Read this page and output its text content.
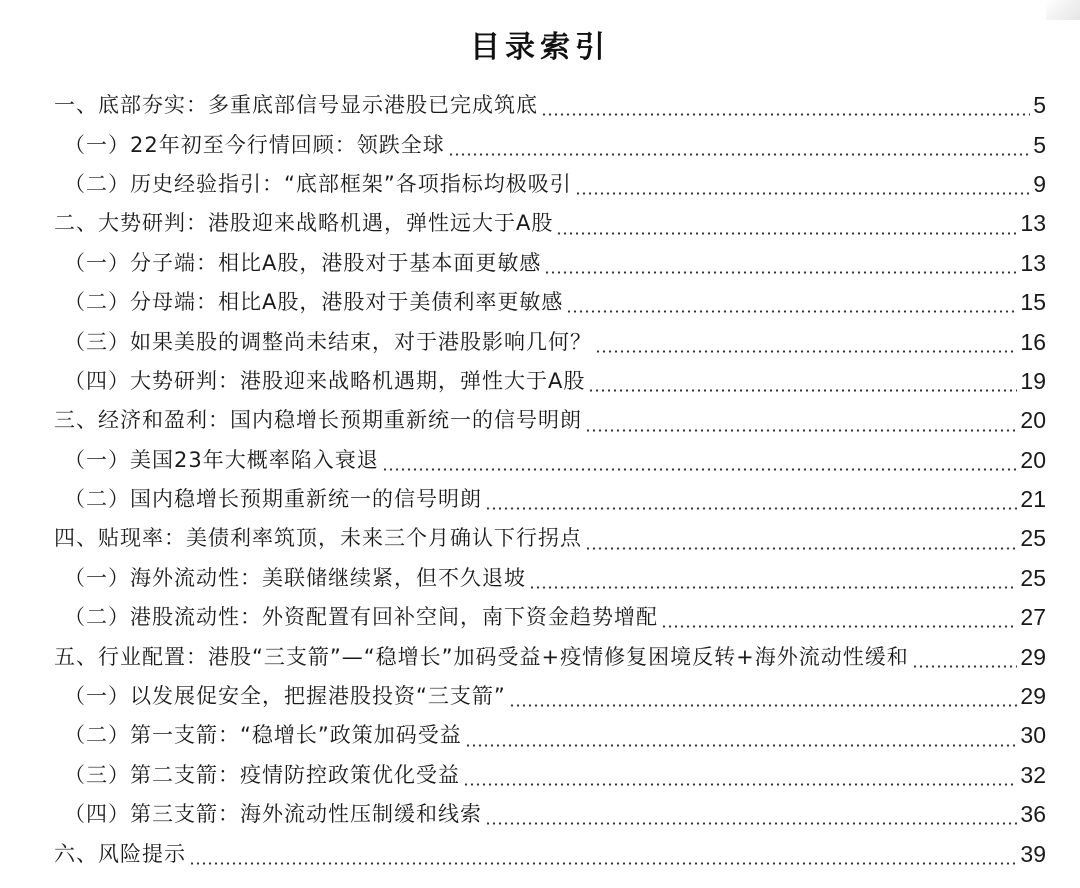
目录索引
一、底部夯实：多重底部信号显示港股已完成筑底	5
（一）22年初至今行情回顾：领跌全球	5
（二）历史经验指引：“底部框架”各项指标均极吸引	9
二、大势研判：港股迎来战略机遇，弹性远大于A股	13
（一）分子端：相比A股，港股对于基本面更敏感	13
（二）分母端：相比A股，港股对于美债利率更敏感	15
（三）如果美股的调整尚未结束，对于港股影响几何？	16
（四）大势研判：港股迎来战略机遇期，弹性大于A股	19
三、经济和盈利：国内稳增长预期重新统一的信号明朗	20
（一）美国23年大概率陷入衰退	20
（二）国内稳增长预期重新统一的信号明朗	21
四、贴现率：美债利率筑顶，未来三个月确认下行拐点	25
（一）海外流动性：美联储继续紧，但不久退坡	25
（二）港股流动性：外资配置有回补空间，南下资金趋势增配	27
五、行业配置：港股“三支箭”—“稳增长”加码受益+疫情修复困境反转+海外流动性缓和	29
（一）以发展促安全，把握港股投资“三支箭”	29
（二）第一支箭：“稳增长”政策加码受益	30
（三）第二支箭：疫情防控政策优化受益	32
（四）第三支箭：海外流动性压制缓和线索	36
六、风险提示	39
